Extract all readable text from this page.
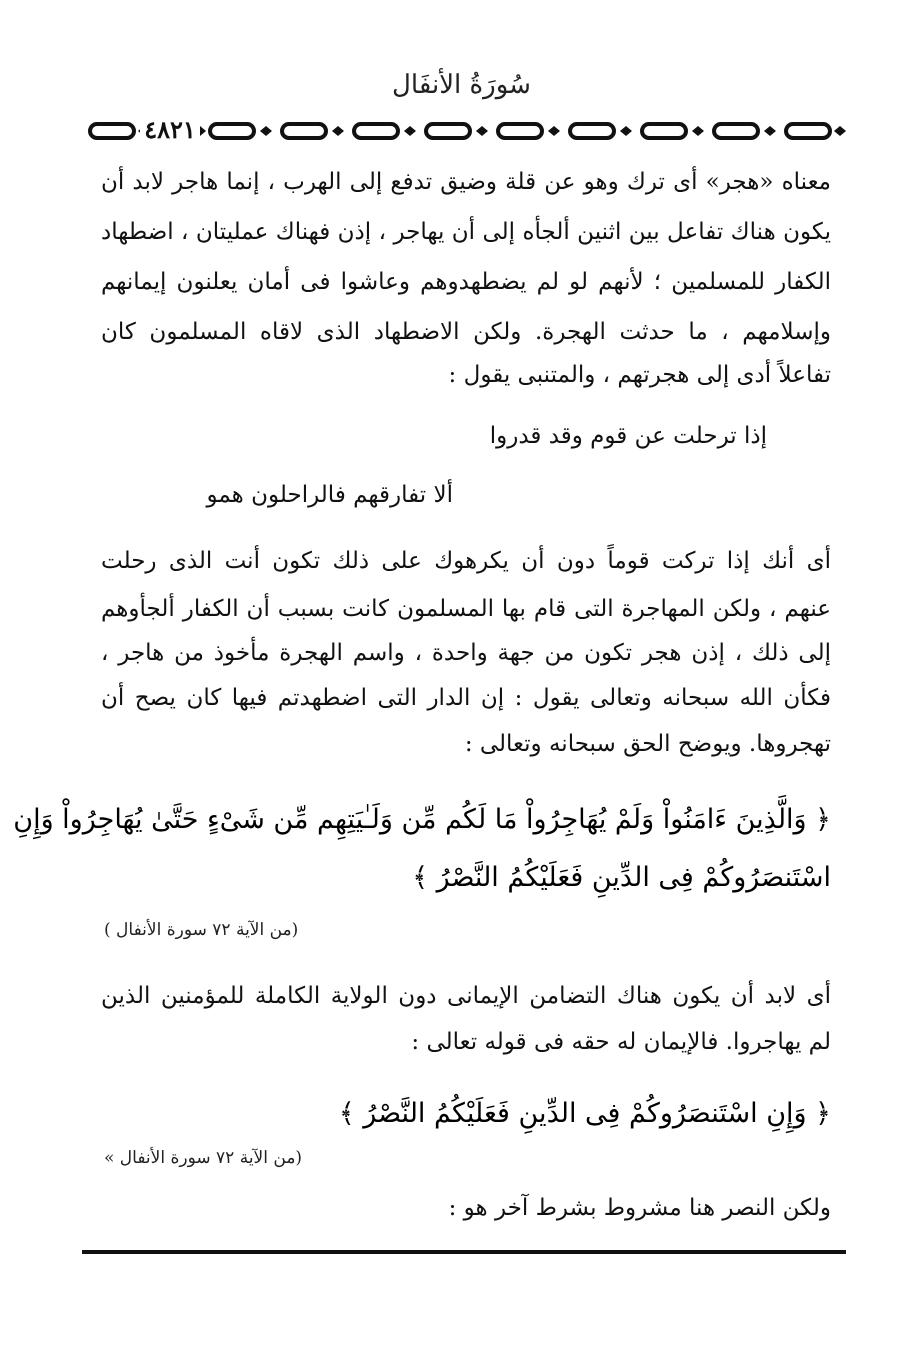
سُورَةُ الأنفَال
٤٨٢١
معناه «هجر» أى ترك وهو عن قلة وضيق تدفع إلى الهرب ، إنما هاجر لابد أن
يكون هناك تفاعل بين اثنين ألجأه إلى أن يهاجر ، إذن فهناك عمليتان ، اضطهاد
الكفار للمسلمين ؛ لأنهم لو لم يضطهدوهم وعاشوا فى أمان يعلنون إيمانهم
وإسلامهم ، ما حدثت الهجرة. ولكن الاضطهاد الذى لاقاه المسلمون كان
تفاعلاً أدى إلى هجرتهم ، والمتنبى يقول :
إذا ترحلت عن قوم وقد قدروا
ألا تفارقهم فالراحلون همو
أى أنك إذا تركت قوماً دون أن يكرهوك على ذلك تكون أنت الذى رحلت
عنهم ، ولكن المهاجرة التى قام بها المسلمون كانت بسبب أن الكفار ألجأوهم
إلى ذلك ، إذن هجر تكون من جهة واحدة ، واسم الهجرة مأخوذ من هاجر ،
فكأن الله سبحانه وتعالى يقول : إن الدار التى اضطهدتم فيها كان يصح أن
تهجروها. ويوضح الحق سبحانه وتعالى :
﴿ وَالَّذِينَ ءَامَنُواْ وَلَمْ يُهَاجِرُواْ مَا لَكُم مِّن وَلَـٰيَتِهِم مِّن شَىْءٍ حَتَّىٰ يُهَاجِرُواْ وَإِنِ
اسْتَنصَرُوكُمْ فِى الدِّينِ فَعَلَيْكُمُ النَّصْرُ ﴾
(من الآية ٧٢ سورة الأنفال )
أى لابد أن يكون هناك التضامن الإيمانى دون الولاية الكاملة للمؤمنين الذين
لم يهاجروا. فالإيمان له حقه فى قوله تعالى :
﴿ وَإِنِ اسْتَنصَرُوكُمْ فِى الدِّينِ فَعَلَيْكُمُ النَّصْرُ ﴾
(من الآية ٧٢ سورة الأنفال »
ولكن النصر هنا مشروط بشرط آخر هو :
